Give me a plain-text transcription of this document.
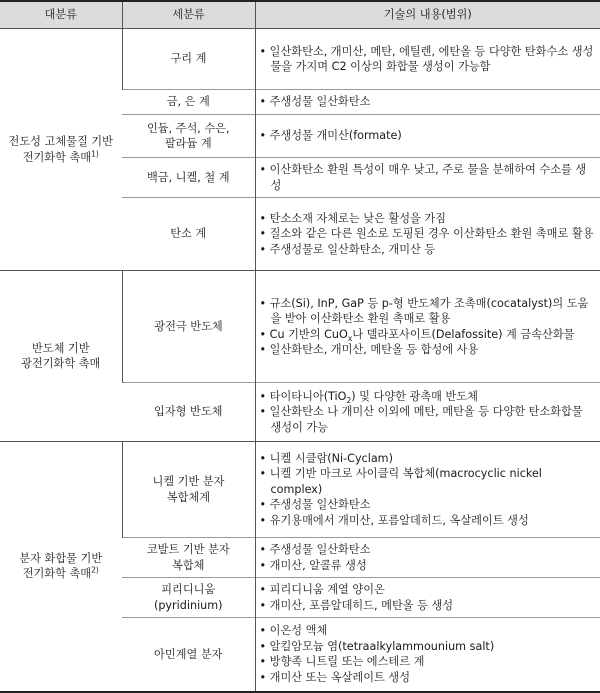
대분류	세분류	기술의 내용(범위)
전도성 고체물질 기반
전기화학 촉매$^{1)}$	구리 계	• 일산화탄소, 개미산, 메탄, 에틸렌, 에탄올 등 다양한 탄화수소 생성물을 가지며 C2 이상의 화합물 생성이 가능함

	금, 은 계	• 주생성물 일산화탄소

	인듐, 주석, 수은,
팔라듐 계	• 주생성물 개미산(formate)

	백금, 니켈, 철 계	• 이산화탄소 환원 특성이 매우 낮고, 주로 물을 분해하여 수소를 생성

	탄소 계	• 탄소소재 자체로는 낮은 활성을 가짐
• 질소와 같은 다른 원소로 도핑된 경우 이산화탄소 환원 촉매로 활용
• 주생성물로 일산화탄소, 개미산 등

반도체 기반
광전기화학 촉매	광전극 반도체	• 규소(Si), InP, GaP 등 p-형 반도체가 조촉매(cocatalyst)의 도움을 받아 이산화탄소 환원 촉매로 활용
• Cu 기반의 CuO$_x$나 델라포사이트(Delafossite) 계 금속산화물
• 일산화탄소, 개미산, 메탄올 등 합성에 사용

	입자형 반도체	• 타이타니아(TiO$_2$) 및 다양한 광촉매 반도체
• 일산화탄소 나 개미산 이외에 메탄, 메탄올 등 다양한 탄소화합물 생성이 가능

분자 화합물 기반
전기화학 촉매$^{2)}$	니켈 기반 분자
복합체계	• 니켈 시클람(Ni-Cyclam)
• 니켈 기반 마크로 사이클릭 복합체(macrocyclic nickel complex)
• 주생성물 일산화탄소
• 유기용매에서 개미산, 포름알데히드, 옥살레이트 생성

	코발트 기반 분자
복합체	• 주생성물 일산화탄소
• 개미산, 알콜류 생성

	피리디니움
(pyridinium)	• 피리디니움 계열 양이온
• 개미산, 포름알데히드, 메탄올 등 생성

	아민계열 분자	• 이온성 액체
• 알킬암모늄 염(tetraalkylammounium salt)
• 방향족 니트릴 또는 에스테르 계
• 개미산 또는 옥살레이트 생성
